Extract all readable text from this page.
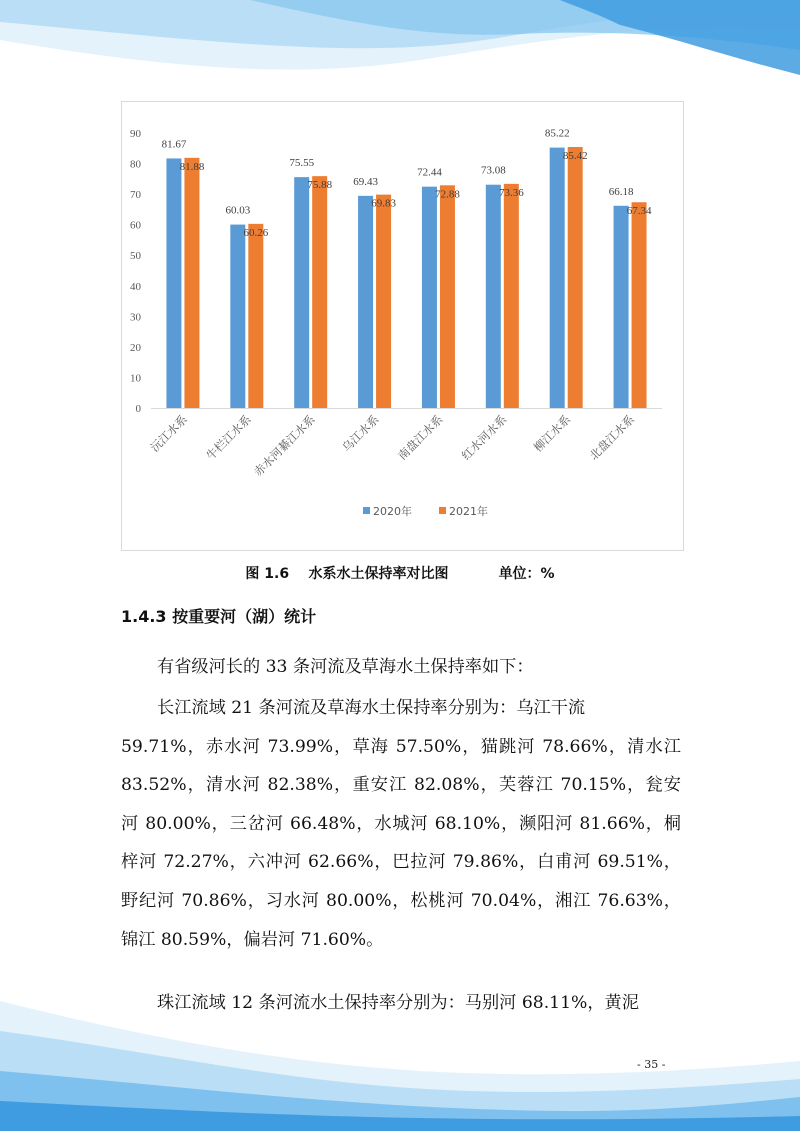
0
10
20
30
40
50
60
70
80
90
81.67
81.88
沅江水系
60.03
60.26
牛栏江水系
75.55
75.88
赤水河綦江水系
69.43
69.83
乌江水系
72.44
72.88
南盘江水系
73.08
73.36
红水河水系
85.22
85.42
柳江水系
66.18
67.34
北盘江水系
2020年	2021年
图 1.6    水系水土保持率对比图	单位：%
1.4.3 按重要河（湖）统计
有省级河长的 33 条河流及草海水土保持率如下：
长江流域 21 条河流及草海水土保持率分别为：乌江干流
59.71%，赤水河 73.99%，草海 57.50%，猫跳河 78.66%，清水江
83.52%，清水河 82.38%，重安江 82.08%，芙蓉江 70.15%，瓮安
河 80.00%，三岔河 66.48%，水城河 68.10%，濒阳河 81.66%，桐
梓河 72.27%，六冲河 62.66%，巴拉河 79.86%，白甫河 69.51%，
野纪河 70.86%，习水河 80.00%，松桃河 70.04%，湘江 76.63%，
锦江 80.59%，偏岩河 71.60%。
珠江流域 12 条河流水土保持率分别为：马别河 68.11%，黄泥
- 35 -
